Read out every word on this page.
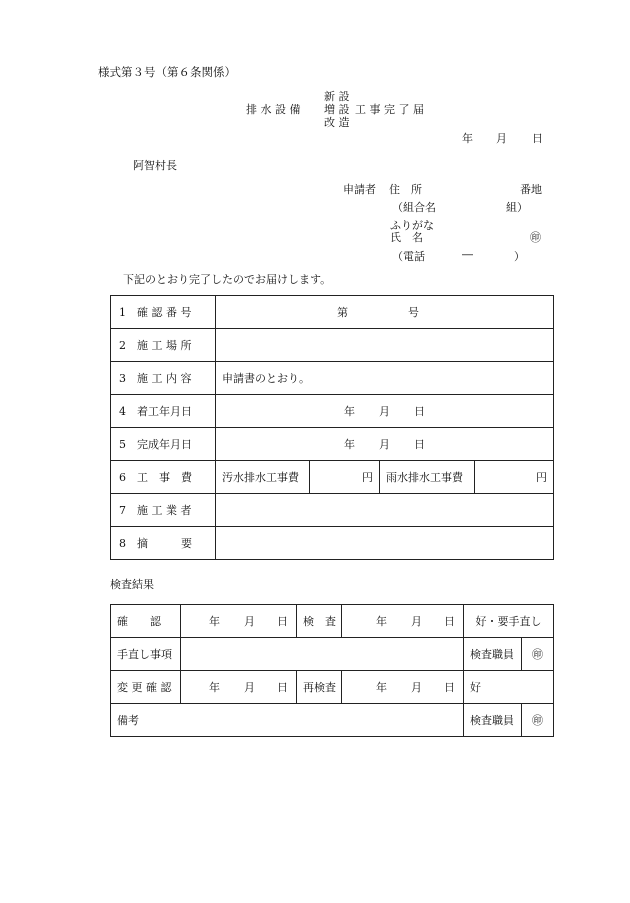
様式第３号（第６条関係）
新 設
排 水 設 備 増 設 工 事 完 了 届
改 造
年 月 日
阿智村長
申請者 住　所	番地
（組合名	組）
ふりがな
氏　名	㊞
（電話	―	）
下記のとおり完了したのでお届けします。
1　確 認 番 号	第 号			
2　施 工 場 所				
3　施 工 内 容	申請書のとおり。			
4　着工年月日	年 月 日			
5　完成年月日	年 月 日			
6　工　事　費	汚水排水工事費	円	雨水排水工事費	円
7　施 工 業 者				
8　摘　　　要				
検査結果
確　　認	年 月 日	検　査	年 月 日	好・要手直し	
手直し事項				検査職員	㊞
変 更 確 認	年 月 日	再検査	年 月 日	好	
備考				検査職員	㊞
